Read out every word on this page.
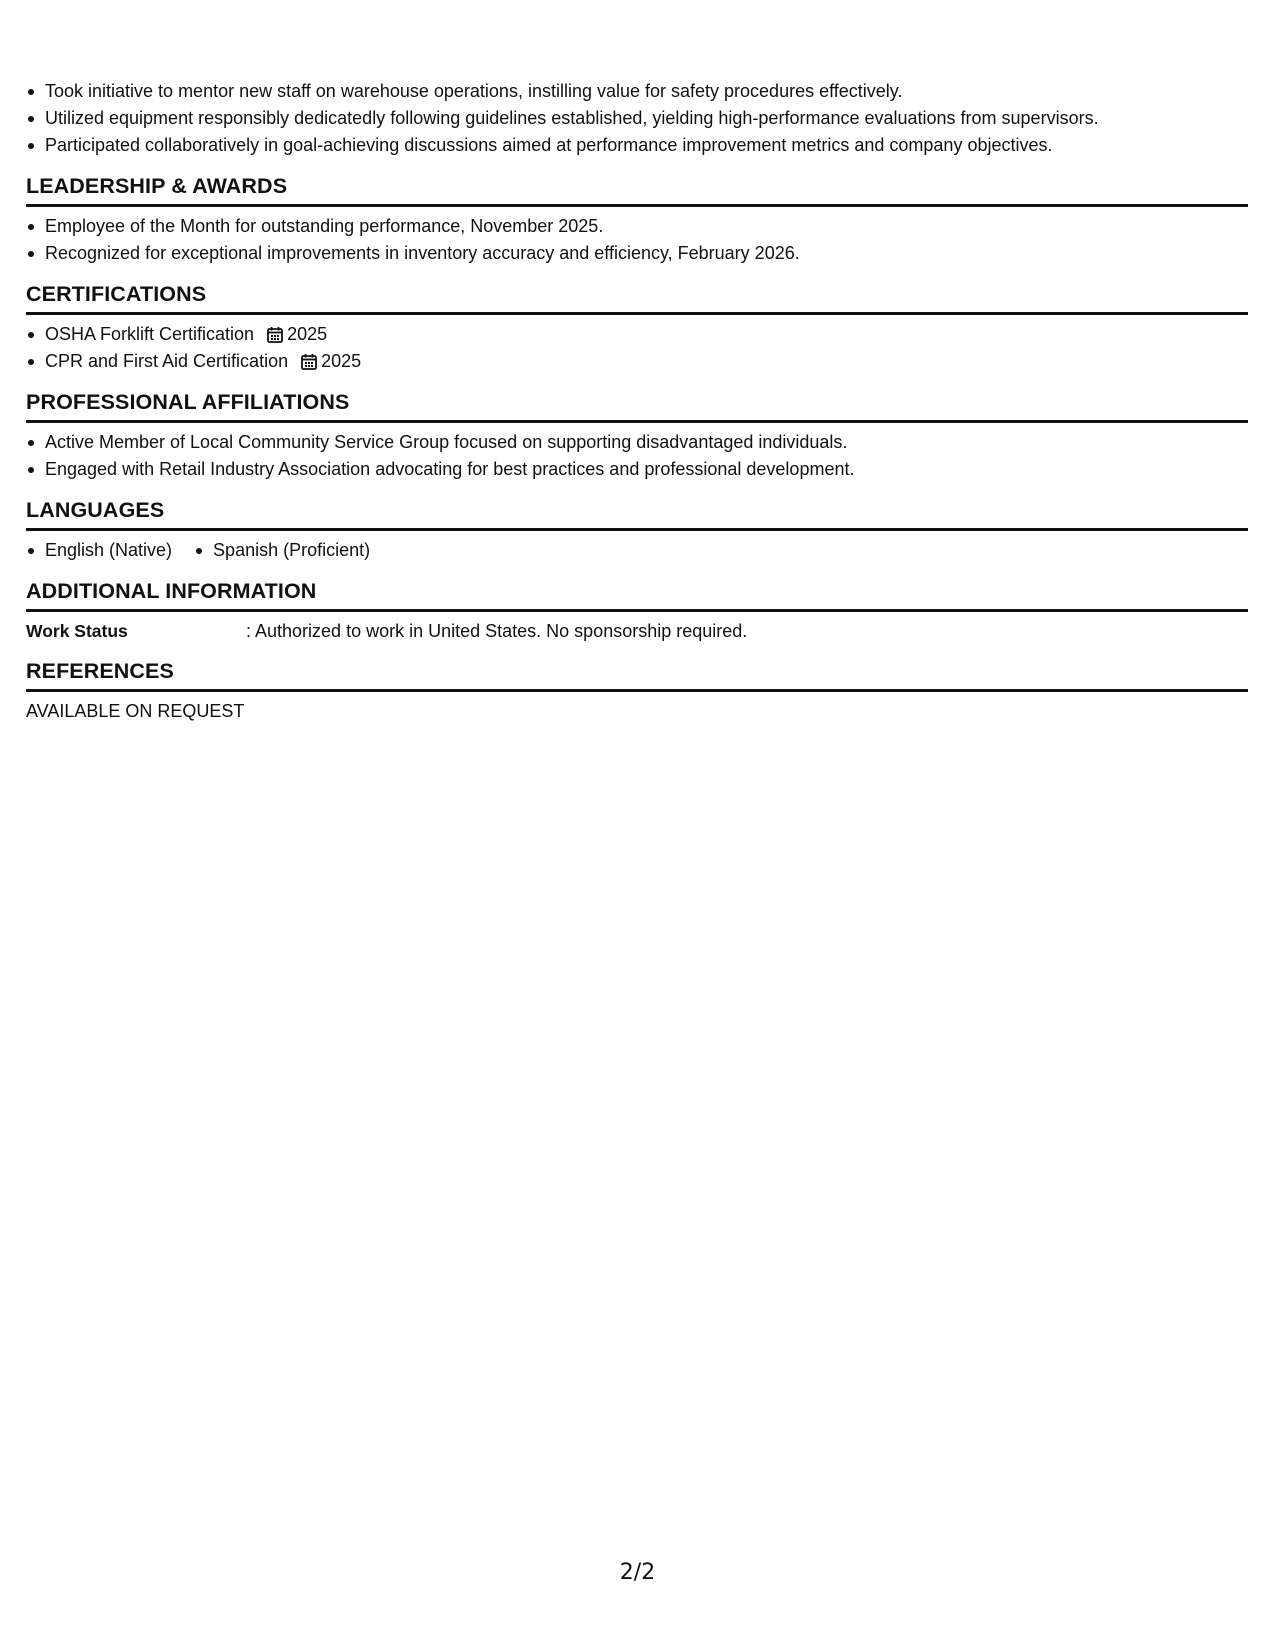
Took initiative to mentor new staff on warehouse operations, instilling value for safety procedures effectively.
Utilized equipment responsibly dedicatedly following guidelines established, yielding high-performance evaluations from supervisors.
Participated collaboratively in goal-achieving discussions aimed at performance improvement metrics and company objectives.
LEADERSHIP & AWARDS
Employee of the Month for outstanding performance, November 2025.
Recognized for exceptional improvements in inventory accuracy and efficiency, February 2026.
CERTIFICATIONS
OSHA Forklift Certification 2025
CPR and First Aid Certification 2025
PROFESSIONAL AFFILIATIONS
Active Member of Local Community Service Group focused on supporting disadvantaged individuals.
Engaged with Retail Industry Association advocating for best practices and professional development.
LANGUAGES
English (Native)	Spanish (Proficient)
ADDITIONAL INFORMATION
Work Status	: Authorized to work in United States. No sponsorship required.
REFERENCES
AVAILABLE ON REQUEST
2/2
